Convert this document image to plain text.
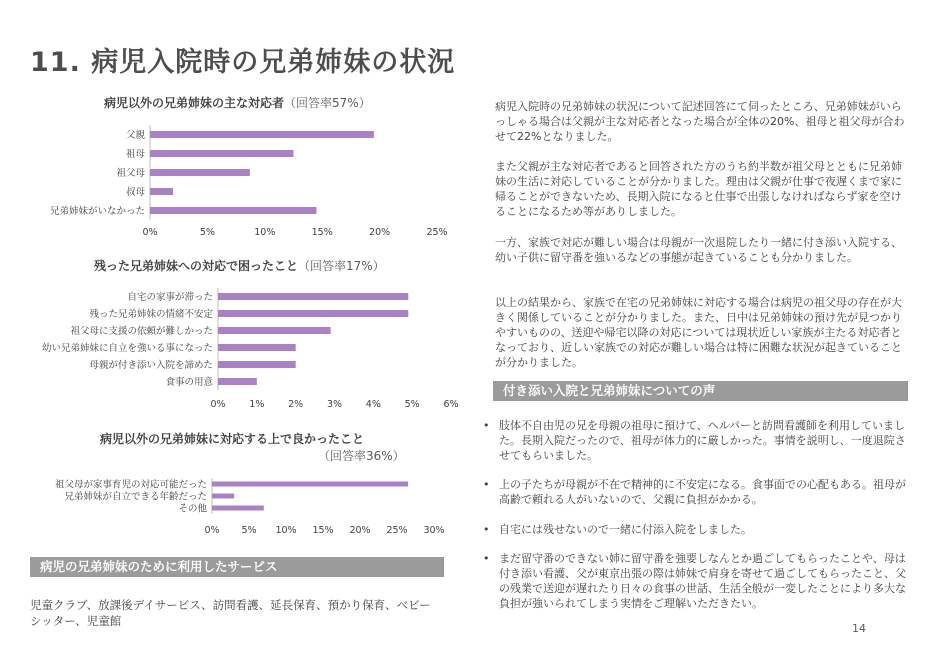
11. 病児入院時の兄弟姉妹の状況
病児以外の兄弟姉妹の主な対応者（回答率57%）
父親
祖母
祖父母
叔母
兄弟姉妹がいなかった
0%	5%	10%	15%	20%	25%
残った兄弟姉妹への対応で困ったこと（回答率17%）
自宅の家事が滞った
残った兄弟姉妹の情緒不安定
祖父母に支援の依頼が難しかった
幼い兄弟姉妹に自立を強いる事になった
母親が付き添い入院を諦めた
食事の用意
0%	1%	2%	3%	4%	5%	6%
病児以外の兄弟姉妹に対応する上で良かったこと
（回答率36%）
祖父母が家事育児の対応可能だった
兄弟姉妹が自立できる年齢だった
その他
0% 5% 10% 15% 20% 25% 30%
病児の兄弟姉妹のために利用したサービス

児童クラブ、放課後デイサービス、訪問看護、延長保育、預かり保育、ベビーシッター、児童館

病児入院時の兄弟姉妹の状況について記述回答にて伺ったところ、兄弟姉妹がいらっしゃる場合は父親が主な対応者となった場合が全体の20%、祖母と祖父母が合わせて22%となりました。

また父親が主な対応者であると回答された方のうち約半数が祖父母とともに兄弟姉妹の生活に対応していることが分かりました。理由は父親が仕事で夜遅くまで家に帰ることができないため、長期入院になると仕事で出張しなければならず家を空けることになるため等がありしました。

一方、家族で対応が難しい場合は母親が一次退院したり一緒に付き添い入院する、幼い子供に留守番を強いるなどの事態が起きていることも分かりました。

以上の結果から、家族で在宅の兄弟姉妹に対応する場合は病児の祖父母の存在が大きく関係していることが分かりました。また、日中は兄弟姉妹の預け先が見つかりやすいものの、送迎や帰宅以降の対応については現状近しい家族が主たる対応者となっており、近しい家族での対応が難しい場合は特に困難な状況が起きていることが分かりました。

付き添い入院と兄弟姉妹についての声
• 肢体不自由児の兄を母親の祖母に預けて、ヘルパーと訪問看護師を利用していました。長期入院だったので、祖母が体力的に厳しかった。事情を説明し、一度退院させてもらいました。
• 上の子たちが母親が不在で精神的に不安定になる。食事面での心配もある。祖母が高齢で頼れる人がいないので、父親に負担がかかる。
• 自宅には残せないので一緒に付添入院をしました。
• まだ留守番のできない姉に留守番を強要しなんとか過ごしてもらったことや、母は付き添い看護、父が東京出張の際は姉妹で肩身を寄せて過ごしてもらったこと、父の残業で送迎が遅れたり日々の食事の世話、生活全般が一変したことにより多大な負担が強いられてしまう実情をご理解いただきたい。
14
